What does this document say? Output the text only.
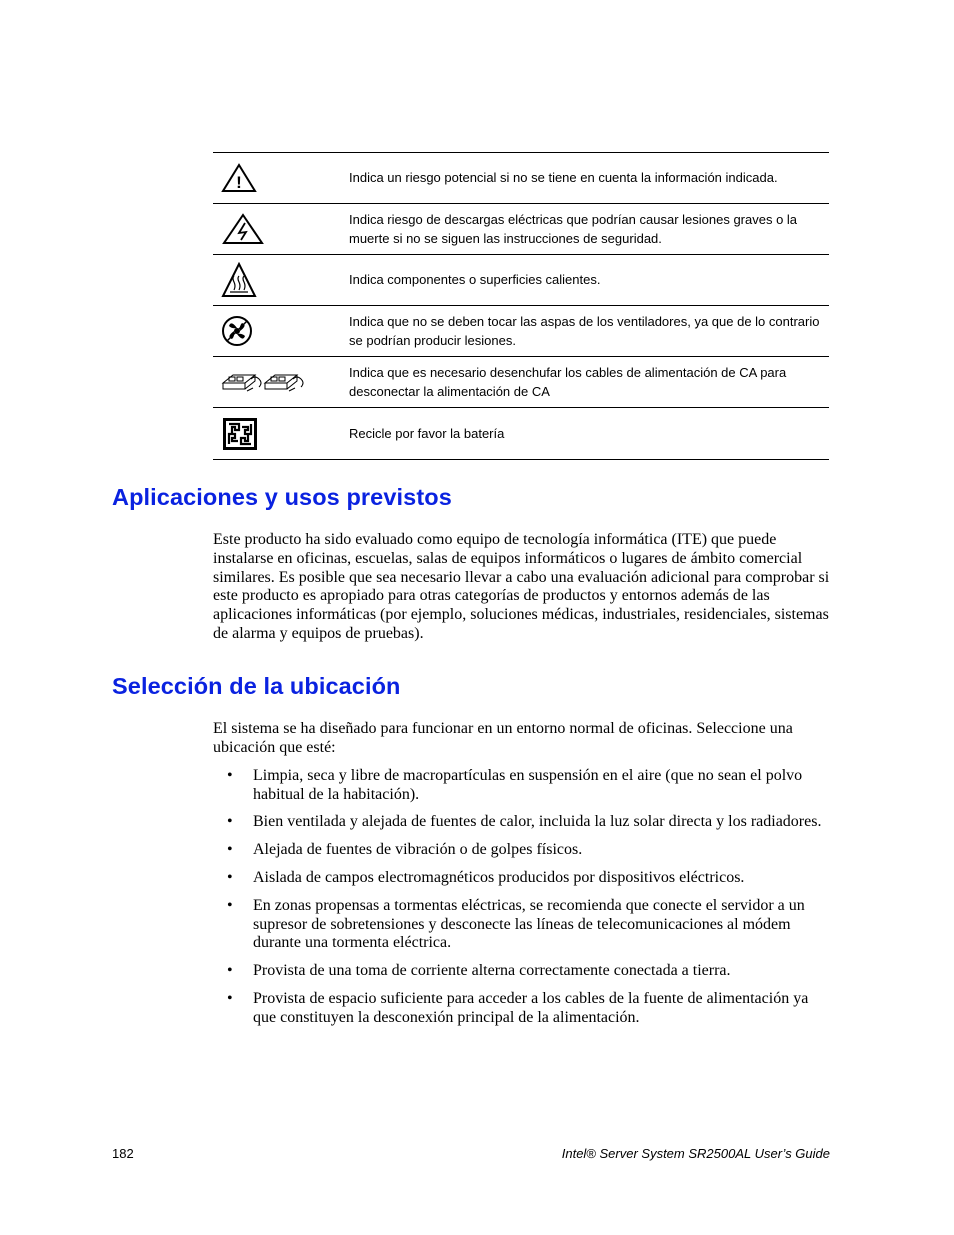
!	Indica un riesgo potencial si no se tiene en cuenta la información indicada.
Indica riesgo de descargas eléctricas que podrían causar lesiones graves o la muerte si no se siguen las instrucciones de seguridad.
Indica componentes o superficies calientes.
Indica que no se deben tocar las aspas de los ventiladores, ya que de lo contrario se podrían producir lesiones.
Indica que es necesario desenchufar los cables de alimentación de CA para desconectar la alimentación de CA
Recicle por favor la batería
Aplicaciones y usos previstos

Este producto ha sido evaluado como equipo de tecnología informática (ITE) que puede instalarse en oficinas, escuelas, salas de equipos informáticos o lugares de ámbito comercial similares. Es posible que sea necesario llevar a cabo una evaluación adicional para comprobar si este producto es apropiado para otras categorías de productos y entornos además de las aplicaciones informáticas (por ejemplo, soluciones médicas, industriales, residenciales, sistemas de alarma y equipos de pruebas).

Selección de la ubicación

El sistema se ha diseñado para funcionar en un entorno normal de oficinas. Seleccione una ubicación que esté:

• Limpia, seca y libre de macropartículas en suspensión en el aire (que no sean el polvo habitual de la habitación).
• Bien ventilada y alejada de fuentes de calor, incluida la luz solar directa y los radiadores.
• Alejada de fuentes de vibración o de golpes físicos.
• Aislada de campos electromagnéticos producidos por dispositivos eléctricos.
• En zonas propensas a tormentas eléctricas, se recomienda que conecte el servidor a un supresor de sobretensiones y desconecte las líneas de telecomunicaciones al módem durante una tormenta eléctrica.
• Provista de una toma de corriente alterna correctamente conectada a tierra.
• Provista de espacio suficiente para acceder a los cables de la fuente de alimentación ya que constituyen la desconexión principal de la alimentación.
182	Intel® Server System SR2500AL User’s Guide
